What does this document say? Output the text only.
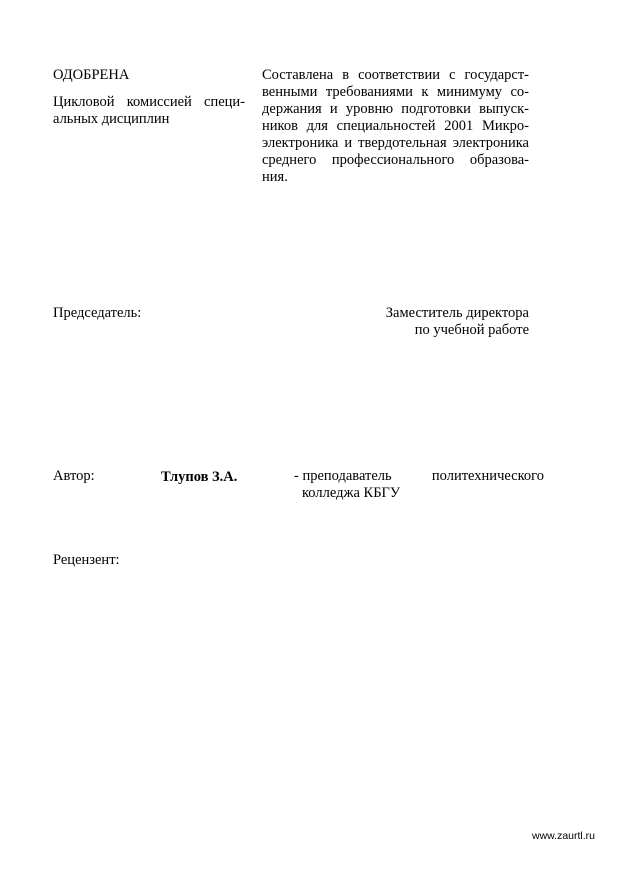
ОДОБРЕНА
Цикловой комиссией специ-
альных дисциплин
Составлена в соответствии с государст-
венными требованиями к минимуму со-
держания и уровню подготовки выпуск-
ников для специальностей 2001 Микро-
электроника и твердотельная электроника
среднего профессионального образова-
ния.
Председатель:	Заместитель директора
по учебной работе
Автор:	Тлупов З.А.	- преподаватель	политехнического
колледжа КБГУ
Рецензент:
www.zaurtl.ru
